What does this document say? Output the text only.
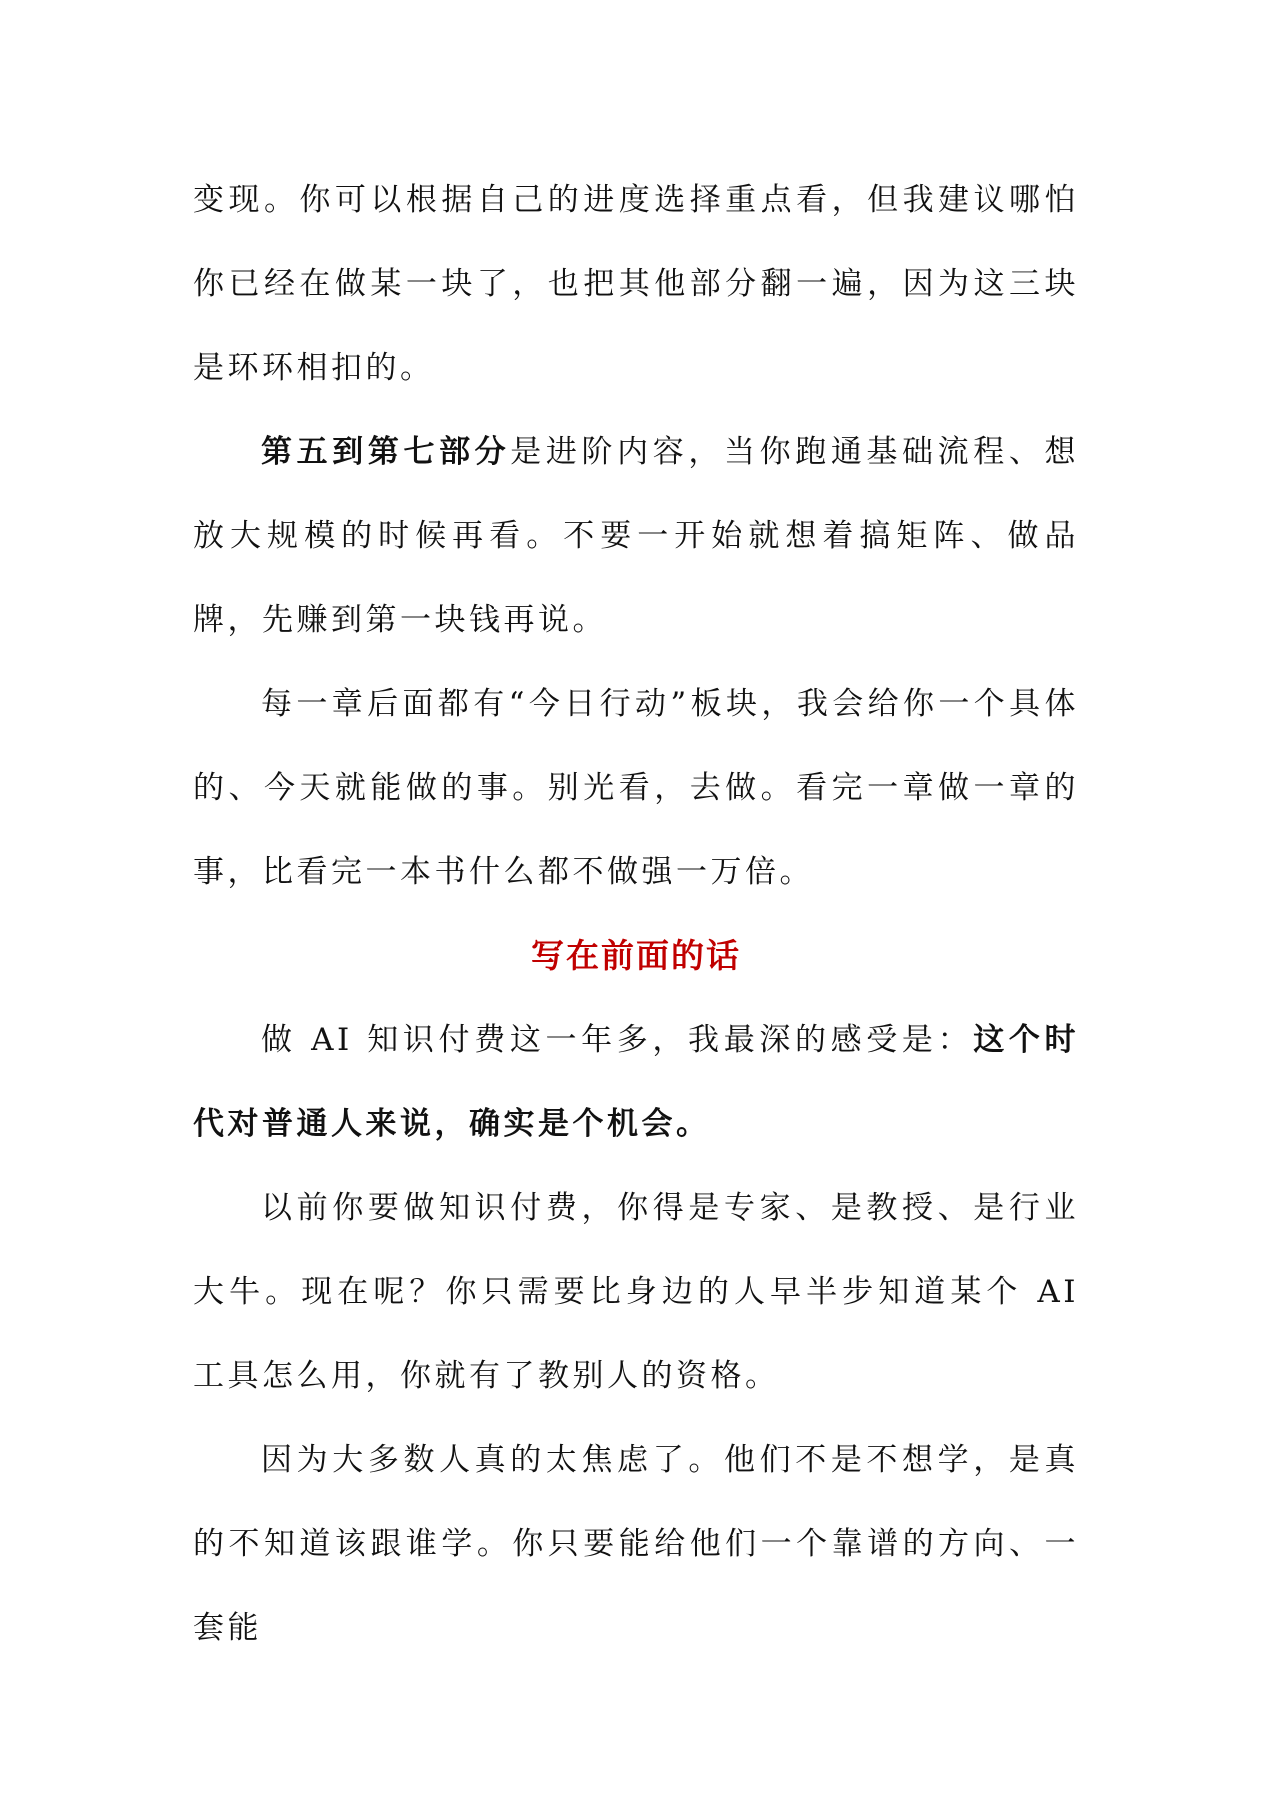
变现。你可以根据自己的进度选择重点看，但我建议哪怕你已经在做某一块了，也把其他部分翻一遍，因为这三块是环环相扣的。

第五到第七部分是进阶内容，当你跑通基础流程、想放大规模的时候再看。不要一开始就想着搞矩阵、做品牌，先赚到第一块钱再说。

每一章后面都有“今日行动”板块，我会给你一个具体的、今天就能做的事。别光看，去做。看完一章做一章的事，比看完一本书什么都不做强一万倍。

写在前面的话

做 AI 知识付费这一年多，我最深的感受是：这个时代对普通人来说，确实是个机会。

以前你要做知识付费，你得是专家、是教授、是行业大牛。现在呢？你只需要比身边的人早半步知道某个 AI 工具怎么用，你就有了教别人的资格。

因为大多数人真的太焦虑了。他们不是不想学，是真的不知道该跟谁学。你只要能给他们一个靠谱的方向、一套能
